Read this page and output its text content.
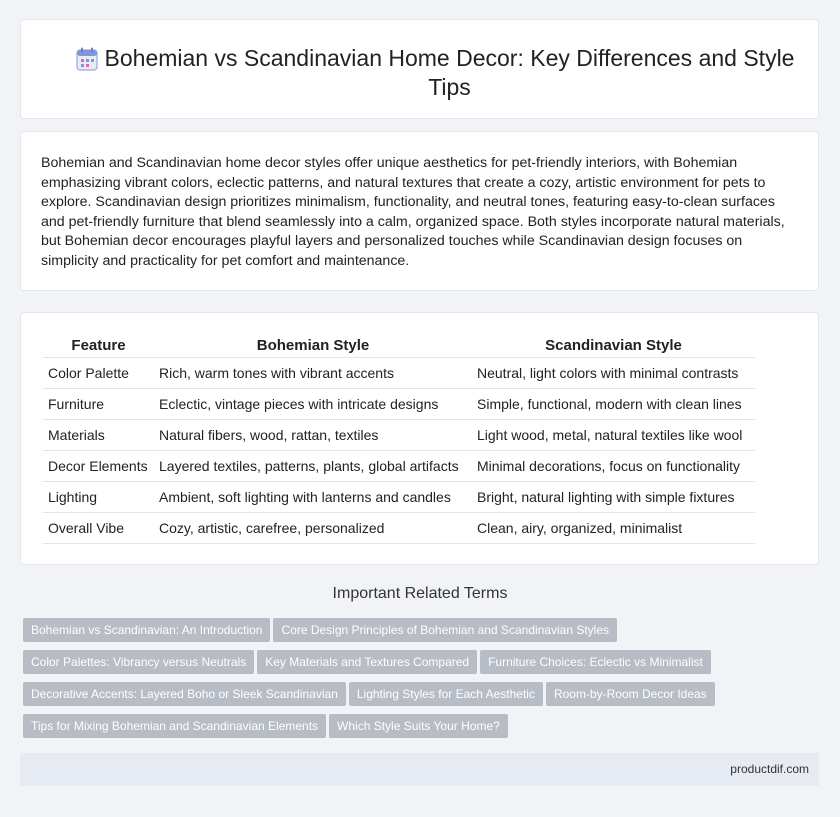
Bohemian vs Scandinavian Home Decor: Key Differences and Style Tips

Bohemian and Scandinavian home decor styles offer unique aesthetics for pet-friendly interiors, with Bohemian emphasizing vibrant colors, eclectic patterns, and natural textures that create a cozy, artistic environment for pets to explore. Scandinavian design prioritizes minimalism, functionality, and neutral tones, featuring easy-to-clean surfaces and pet-friendly furniture that blend seamlessly into a calm, organized space. Both styles incorporate natural materials, but Bohemian decor encourages playful layers and personalized touches while Scandinavian design focuses on simplicity and practicality for pet comfort and maintenance.

Feature	Bohemian Style	Scandinavian Style
Color Palette	Rich, warm tones with vibrant accents	Neutral, light colors with minimal contrasts
Furniture	Eclectic, vintage pieces with intricate designs	Simple, functional, modern with clean lines
Materials	Natural fibers, wood, rattan, textiles	Light wood, metal, natural textiles like wool
Decor Elements	Layered textiles, patterns, plants, global artifacts	Minimal decorations, focus on functionality
Lighting	Ambient, soft lighting with lanterns and candles	Bright, natural lighting with simple fixtures
Overall Vibe	Cozy, artistic, carefree, personalized	Clean, airy, organized, minimalist
Important Related Terms
Bohemian vs Scandinavian: An Introduction Core Design Principles of Bohemian and Scandinavian Styles
Color Palettes: Vibrancy versus Neutrals Key Materials and Textures Compared Furniture Choices: Eclectic vs Minimalist
Decorative Accents: Layered Boho or Sleek Scandinavian Lighting Styles for Each Aesthetic Room-by-Room Decor Ideas
Tips for Mixing Bohemian and Scandinavian Elements Which Style Suits Your Home?
productdif.com
